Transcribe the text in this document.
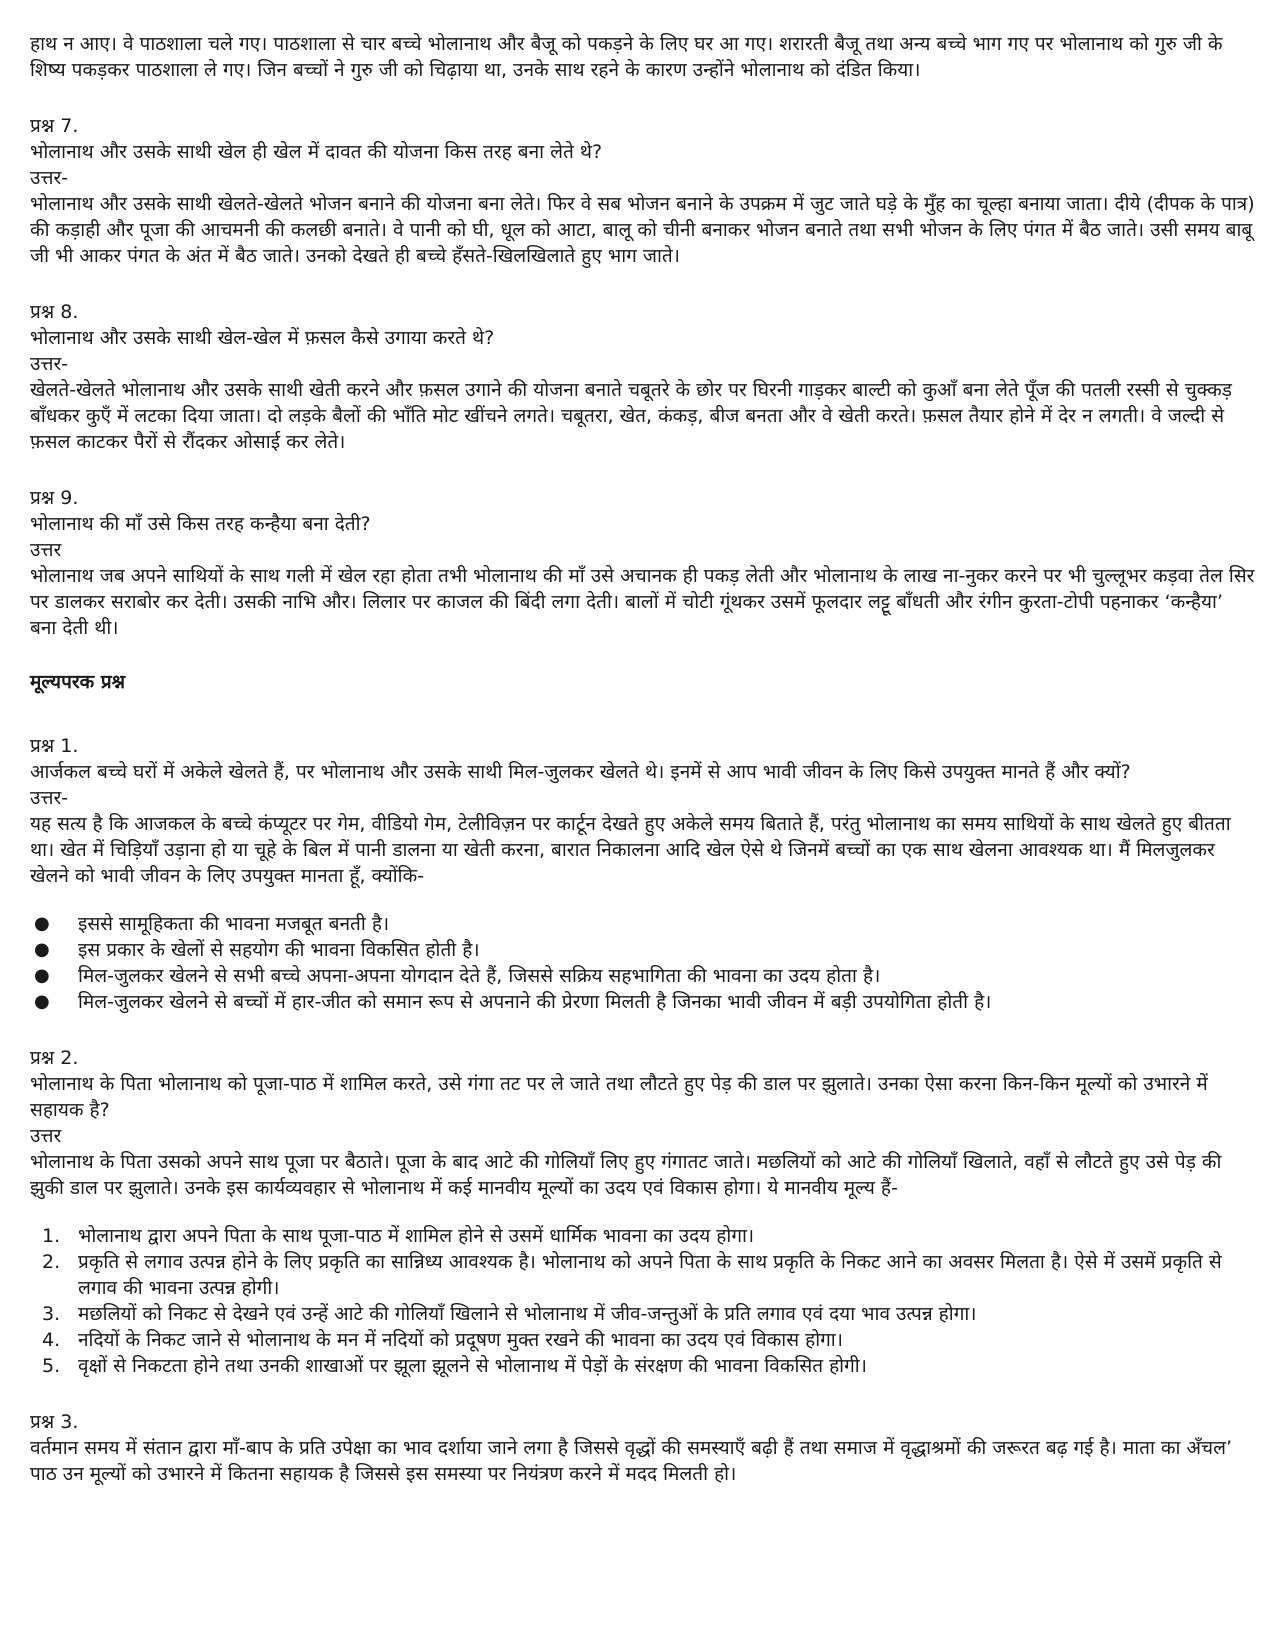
हाथ न आए। वे पाठशाला चले गए। पाठशाला से चार बच्चे भोलानाथ और बैजू को पकड़ने के लिए घर आ गए। शरारती बैजू तथा अन्य बच्चे भाग गए पर भोलानाथ को गुरु जी के शिष्य पकड़कर पाठशाला ले गए। जिन बच्चों ने गुरु जी को चिढ़ाया था, उनके साथ रहने के कारण उन्होंने भोलानाथ को दंडित किया।

प्रश्न 7.

भोलानाथ और उसके साथी खेल ही खेल में दावत की योजना किस तरह बना लेते थे?

उत्तर-

भोलानाथ और उसके साथी खेलते-खेलते भोजन बनाने की योजना बना लेते। फिर वे सब भोजन बनाने के उपक्रम में जुट जाते घड़े के मुँह का चूल्हा बनाया जाता। दीये (दीपक के पात्र) की कड़ाही और पूजा की आचमनी की कलछी बनाते। वे पानी को घी, धूल को आटा, बालू को चीनी बनाकर भोजन बनाते तथा सभी भोजन के लिए पंगत में बैठ जाते। उसी समय बाबू जी भी आकर पंगत के अंत में बैठ जाते। उनको देखते ही बच्चे हँसते-खिलखिलाते हुए भाग जाते।

प्रश्न 8.

भोलानाथ और उसके साथी खेल-खेल में फ़सल कैसे उगाया करते थे?

उत्तर-

खेलते-खेलते भोलानाथ और उसके साथी खेती करने और फ़सल उगाने की योजना बनाते चबूतरे के छोर पर घिरनी गाड़कर बाल्टी को कुआँ बना लेते पूँज की पतली रस्सी से चुक्कड़ बाँधकर कुएँ में लटका दिया जाता। दो लड़के बैलों की भाँति मोट खींचने लगते। चबूतरा, खेत, कंकड़, बीज बनता और वे खेती करते। फ़सल तैयार होने में देर न लगती। वे जल्दी से फ़सल काटकर पैरों से रौंदकर ओसाई कर लेते।

प्रश्न 9.

भोलानाथ की माँ उसे किस तरह कन्हैया बना देती?

उत्तर

भोलानाथ जब अपने साथियों के साथ गली में खेल रहा होता तभी भोलानाथ की माँ उसे अचानक ही पकड़ लेती और भोलानाथ के लाख ना-नुकर करने पर भी चुल्लूभर कड़वा तेल सिर पर डालकर सराबोर कर देती। उसकी नाभि और। लिलार पर काजल की बिंदी लगा देती। बालों में चोटी गूंथकर उसमें फूलदार लट्टू बाँधती और रंगीन कुरता-टोपी पहनाकर ‘कन्हैया’ बना देती थी।

मूल्यपरक प्रश्न

प्रश्न 1.

आर्जकल बच्चे घरों में अकेले खेलते हैं, पर भोलानाथ और उसके साथी मिल-जुलकर खेलते थे। इनमें से आप भावी जीवन के लिए किसे उपयुक्त मानते हैं और क्यों?

उत्तर-

यह सत्य है कि आजकल के बच्चे कंप्यूटर पर गेम, वीडियो गेम, टेलीविज़न पर कार्टून देखते हुए अकेले समय बिताते हैं, परंतु भोलानाथ का समय साथियों के साथ खेलते हुए बीतता था। खेत में चिड़ियाँ उड़ाना हो या चूहे के बिल में पानी डालना या खेती करना, बारात निकालना आदि खेल ऐसे थे जिनमें बच्चों का एक साथ खेलना आवश्यक था। मैं मिलजुलकर खेलने को भावी जीवन के लिए उपयुक्त मानता हूँ, क्योंकि-

● इससे सामूहिकता की भावना मजबूत बनती है।
● इस प्रकार के खेलों से सहयोग की भावना विकसित होती है।
● मिल-जुलकर खेलने से सभी बच्चे अपना-अपना योगदान देते हैं, जिससे सक्रिय सहभागिता की भावना का उदय होता है।
● मिल-जुलकर खेलने से बच्चों में हार-जीत को समान रूप से अपनाने की प्रेरणा मिलती है जिनका भावी जीवन में बड़ी उपयोगिता होती है।

प्रश्न 2.

भोलानाथ के पिता भोलानाथ को पूजा-पाठ में शामिल करते, उसे गंगा तट पर ले जाते तथा लौटते हुए पेड़ की डाल पर झुलाते। उनका ऐसा करना किन-किन मूल्यों को उभारने में सहायक है?

उत्तर

भोलानाथ के पिता उसको अपने साथ पूजा पर बैठाते। पूजा के बाद आटे की गोलियाँ लिए हुए गंगातट जाते। मछलियों को आटे की गोलियाँ खिलाते, वहाँ से लौटते हुए उसे पेड़ की झुकी डाल पर झुलाते। उनके इस कार्यव्यवहार से भोलानाथ में कई मानवीय मूल्यों का उदय एवं विकास होगा। ये मानवीय मूल्य हैं-

1. भोलानाथ द्वारा अपने पिता के साथ पूजा-पाठ में शामिल होने से उसमें धार्मिक भावना का उदय होगा।
2. प्रकृति से लगाव उत्पन्न होने के लिए प्रकृति का सान्निध्य आवश्यक है। भोलानाथ को अपने पिता के साथ प्रकृति के निकट आने का अवसर मिलता है। ऐसे में उसमें प्रकृति से लगाव की भावना उत्पन्न होगी।
3. मछलियों को निकट से देखने एवं उन्हें आटे की गोलियाँ खिलाने से भोलानाथ में जीव-जन्तुओं के प्रति लगाव एवं दया भाव उत्पन्न होगा।
4. नदियों के निकट जाने से भोलानाथ के मन में नदियों को प्रदूषण मुक्त रखने की भावना का उदय एवं विकास होगा।
5. वृक्षों से निकटता होने तथा उनकी शाखाओं पर झूला झूलने से भोलानाथ में पेड़ों के संरक्षण की भावना विकसित होगी।

प्रश्न 3.

वर्तमान समय में संतान द्वारा माँ-बाप के प्रति उपेक्षा का भाव दर्शाया जाने लगा है जिससे वृद्धों की समस्याएँ बढ़ी हैं तथा समाज में वृद्धाश्रमों की जरूरत बढ़ गई है। माता का अँचल’ पाठ उन मूल्यों को उभारने में कितना सहायक है जिससे इस समस्या पर नियंत्रण करने में मदद मिलती हो।
